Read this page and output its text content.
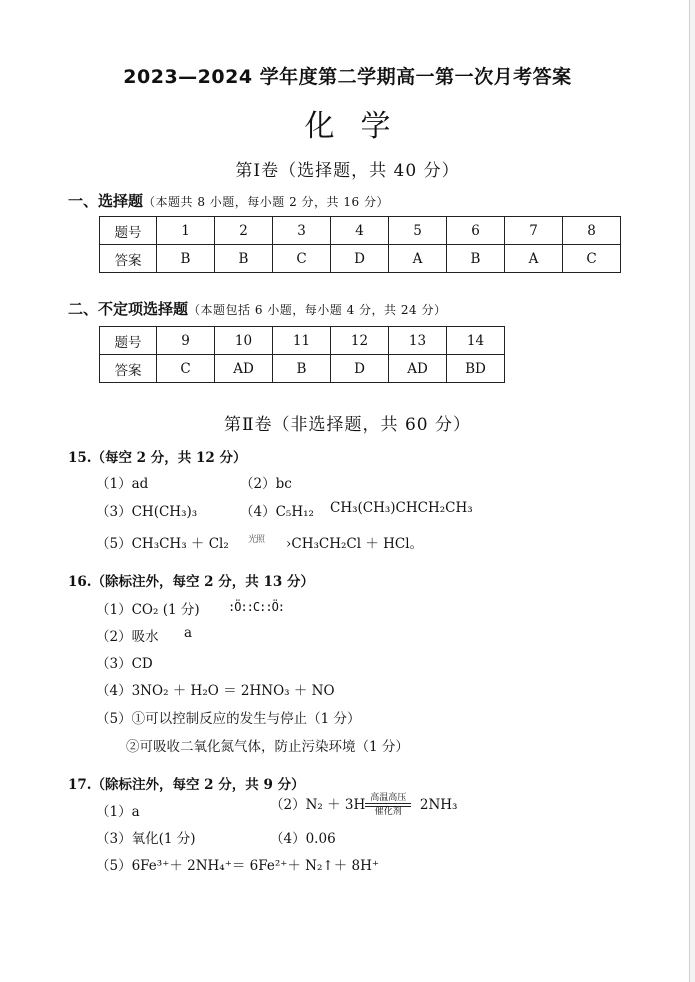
2023—2024 学年度第二学期高一第一次月考答案
化学
第Ⅰ卷（选择题，共 40 分）
一、选择题（本题共 8 小题，每小题 2 分，共 16 分）
题号	1	2	3	4	5	6	7	8
答案	B	B	C	D	A	B	A	C
二、不定项选择题（本题包括 6 小题，每小题 4 分，共 24 分）
题号	9	10	11	12	13	14
答案	C	AD	B	D	AD	BD
第Ⅱ卷（非选择题，共 60 分）
15.（每空 2 分，共 12 分）
（1）ad	（2）bc
（3）CH(CH₃)₃	（4）C₅H₁₂ CH₃(CH₃)CHCH₂CH₃
（5）CH₃CH₃ ＋ Cl₂ 光照 ›CH₃CH₂Cl ＋ HCl。
16.（除标注外，每空 2 分，共 13 分）
（1）CO₂ (1 分) :Ö::C::Ö:
（2）吸水 a
（3）CD
（4）3NO₂ ＋ H₂O ＝ 2HNO₃ ＋ NO
（5）①可以控制反应的发生与停止（1 分）
②可吸收二氧化氮气体，防止污染环境（1 分）
17.（除标注外，每空 2 分，共 9 分）
（1）a	（2）N₂ ＋ 3H 高温高压
催化剂	2NH₃
（3）氧化(1 分)	（4）0.06
（5）6Fe³⁺＋ 2NH₄⁺＝ 6Fe²⁺＋ N₂↑＋ 8H⁺
